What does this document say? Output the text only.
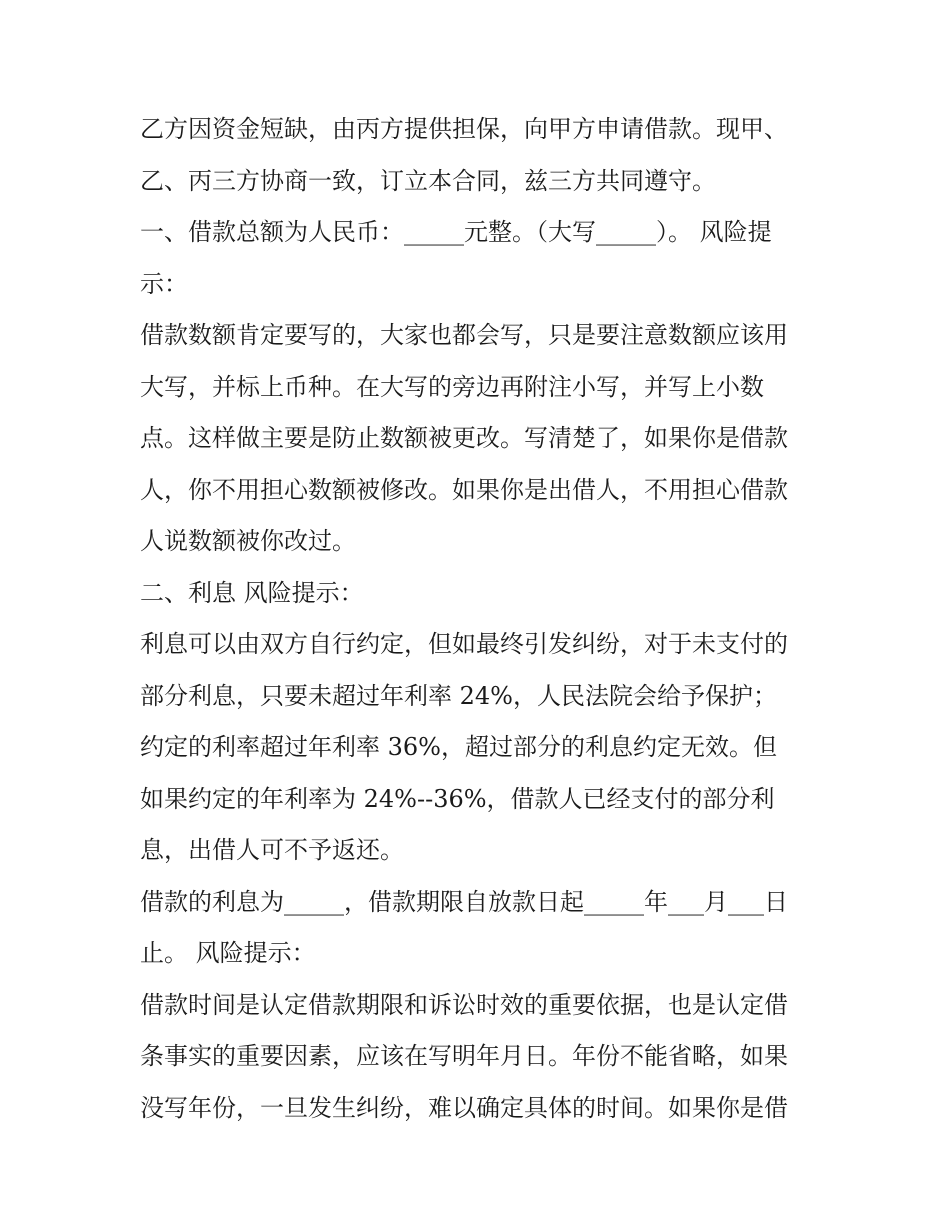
乙方因资金短缺，由丙方提供担保，向甲方申请借款。现甲、
乙、丙三方协商一致，订立本合同，兹三方共同遵守。
一、借款总额为人民币：_____元整。（大写_____）。 风险提
示：
借款数额肯定要写的，大家也都会写，只是要注意数额应该用
大写，并标上币种。在大写的旁边再附注小写，并写上小数
点。这样做主要是防止数额被更改。写清楚了，如果你是借款
人，你不用担心数额被修改。如果你是出借人，不用担心借款
人说数额被你改过。
二、利息 风险提示：
利息可以由双方自行约定，但如最终引发纠纷，对于未支付的
部分利息，只要未超过年利率 24%，人民法院会给予保护；
约定的利率超过年利率 36%，超过部分的利息约定无效。但
如果约定的年利率为 24%--36%，借款人已经支付的部分利
息，出借人可不予返还。
借款的利息为_____，借款期限自放款日起_____年___月___日
止。 风险提示：
借款时间是认定借款期限和诉讼时效的重要依据，也是认定借
条事实的重要因素，应该在写明年月日。年份不能省略，如果
没写年份，一旦发生纠纷，难以确定具体的时间。如果你是借
